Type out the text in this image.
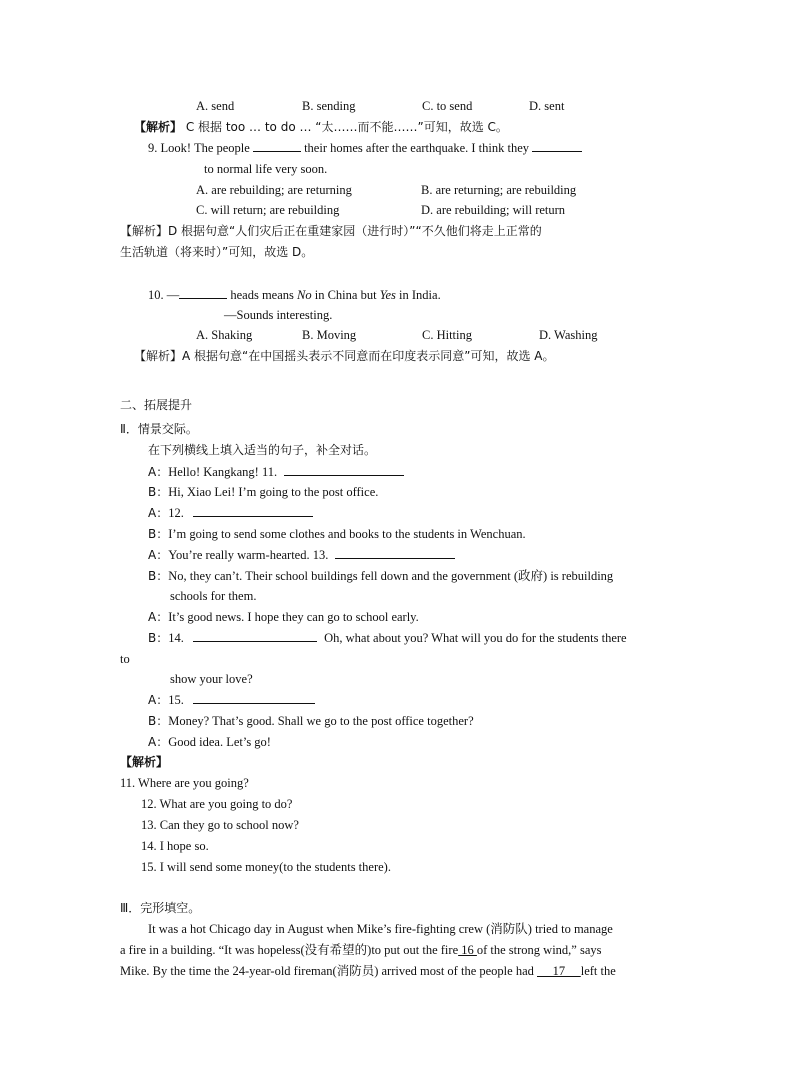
A. send	B. sending	C. to send	D. sent
【解析】 C 根据 too … to do … “太……而不能……”可知，故选 C。
9. Look! The people	their homes after the earthquake. I think they
to normal life very soon.
A. are rebuilding; are returning	B. are returning; are rebuilding
C. will return; are rebuilding	D. are rebuilding; will return
【解析】D 根据句意“人们灾后正在重建家园（进行时）”“不久他们将走上正常的
生活轨道（将来时）”可知，故选 D。
10. —	heads means No in China but Yes in India.
—Sounds interesting.
A. Shaking	B. Moving	C. Hitting	D. Washing
【解析】A 根据句意“在中国摇头表示不同意而在印度表示同意”可知，故选 A。
二、拓展提升
Ⅱ．情景交际。
在下列横线上填入适当的句子，补全对话。
A：Hello! Kangkang! 11.
B：Hi, Xiao Lei! I’m going to the post office.
A：12.
B：I’m going to send some clothes and books to the students in Wenchuan.
A：You’re really warm-hearted. 13.
B：No, they can’t. Their school buildings fell down and the government (政府) is rebuilding
schools for them.
A：It’s good news. I hope they can go to school early.
B：14.	Oh, what about you? What will you do for the students there
to
show your love?
A：15.
B：Money? That’s good. Shall we go to the post office together?
A：Good idea. Let’s go!
【解析】
11. Where are you going?
12. What are you going to do?
13. Can they go to school now?
14. I hope so.
15. I will send some money(to the students there).
Ⅲ．完形填空。
It was a hot Chicago day in August when Mike’s fire-fighting crew (消防队) tried to manage
a fire in a building. “It was hopeless(没有希望的)to put out the fire 16 of the strong wind,” says
Mike. By the time the 24-year-old fireman(消防员) arrived most of the people had      17     left the
